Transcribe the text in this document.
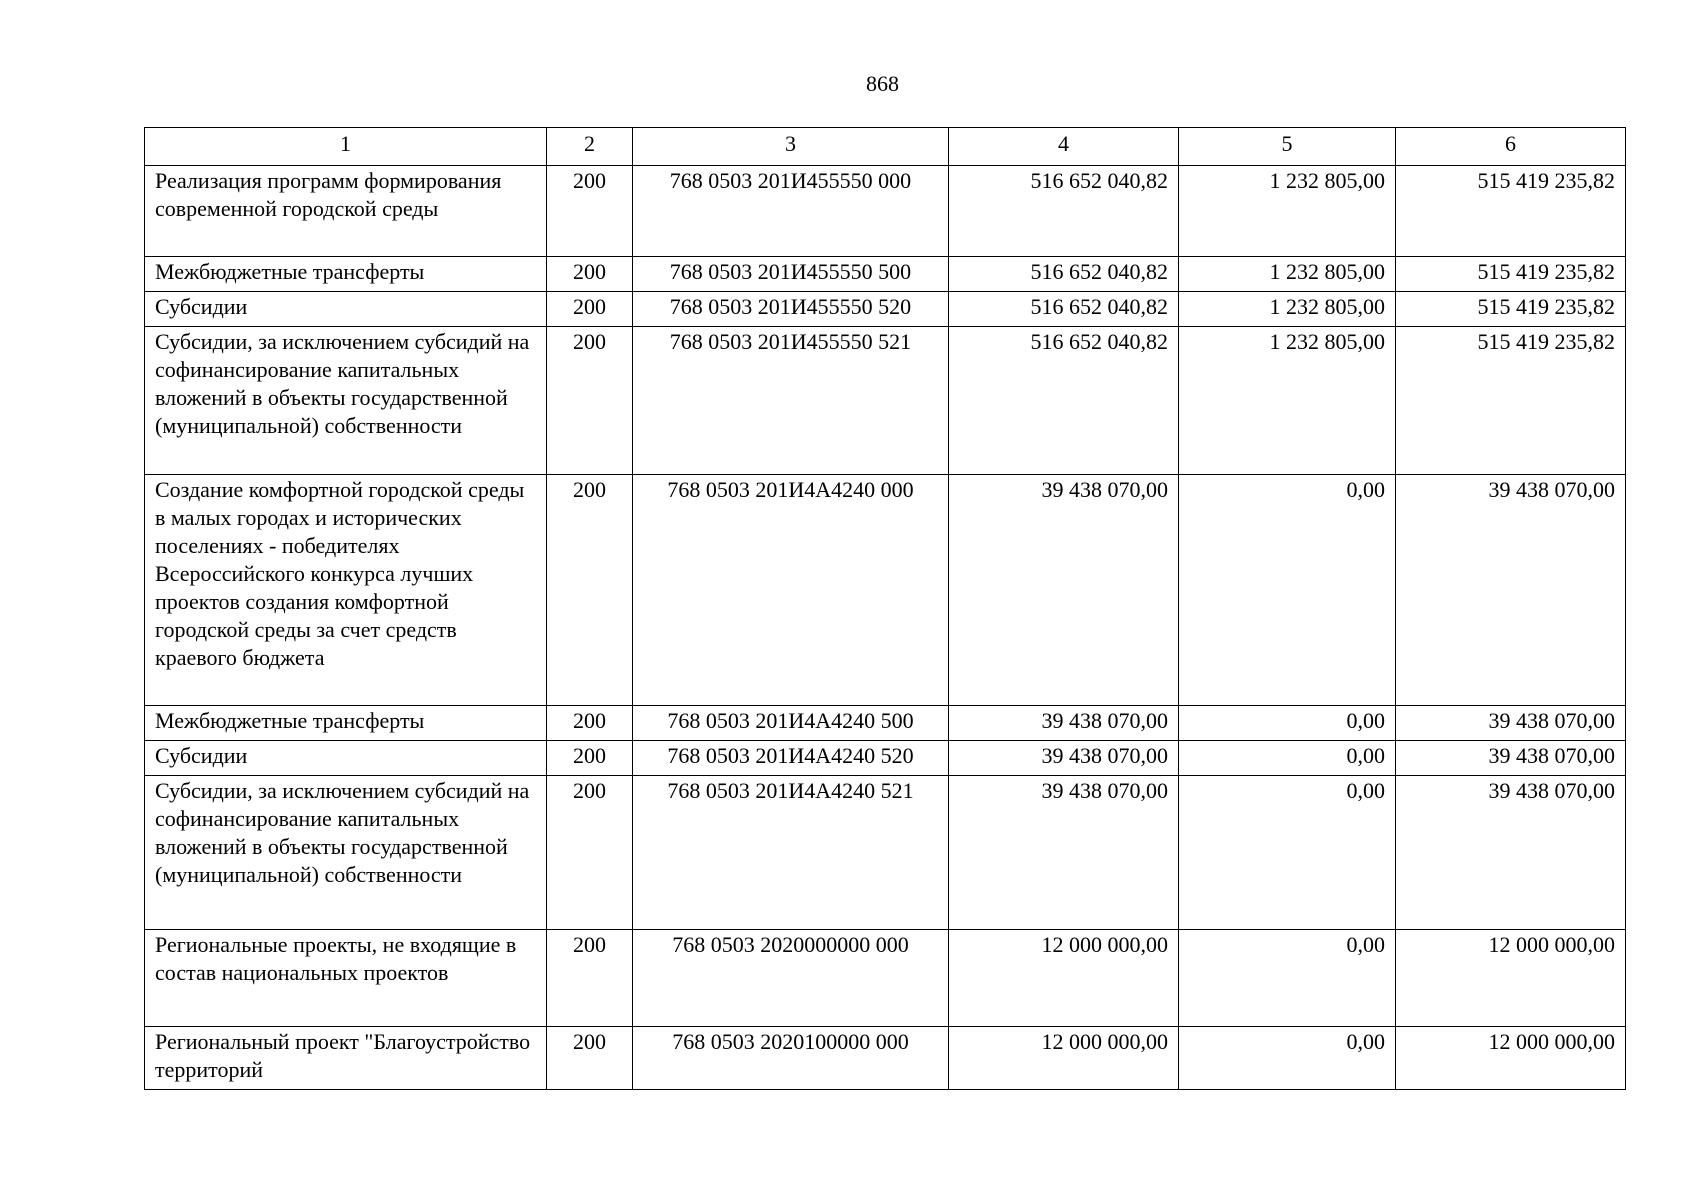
868
1	2	3	4	5	6
Реализация программ формирования современной городской среды	200	768 0503 201И455550 000	516 652 040,82	1 232 805,00	515 419 235,82
Межбюджетные трансферты	200	768 0503 201И455550 500	516 652 040,82	1 232 805,00	515 419 235,82
Субсидии	200	768 0503 201И455550 520	516 652 040,82	1 232 805,00	515 419 235,82
Субсидии, за исключением субсидий на софинансирование капитальных вложений в объекты государственной (муниципальной) собственности	200	768 0503 201И455550 521	516 652 040,82	1 232 805,00	515 419 235,82
Создание комфортной городской среды в малых городах и исторических поселениях - победителях Всероссийского конкурса лучших проектов создания комфортной городской среды за счет средств краевого бюджета	200	768 0503 201И4А4240 000	39 438 070,00	0,00	39 438 070,00
Межбюджетные трансферты	200	768 0503 201И4А4240 500	39 438 070,00	0,00	39 438 070,00
Субсидии	200	768 0503 201И4А4240 520	39 438 070,00	0,00	39 438 070,00
Субсидии, за исключением субсидий на софинансирование капитальных вложений в объекты государственной (муниципальной) собственности	200	768 0503 201И4А4240 521	39 438 070,00	0,00	39 438 070,00
Региональные проекты, не входящие в состав национальных проектов	200	768 0503 2020000000 000	12 000 000,00	0,00	12 000 000,00
Региональный проект "Благоустройство территорий	200	768 0503 2020100000 000	12 000 000,00	0,00	12 000 000,00
